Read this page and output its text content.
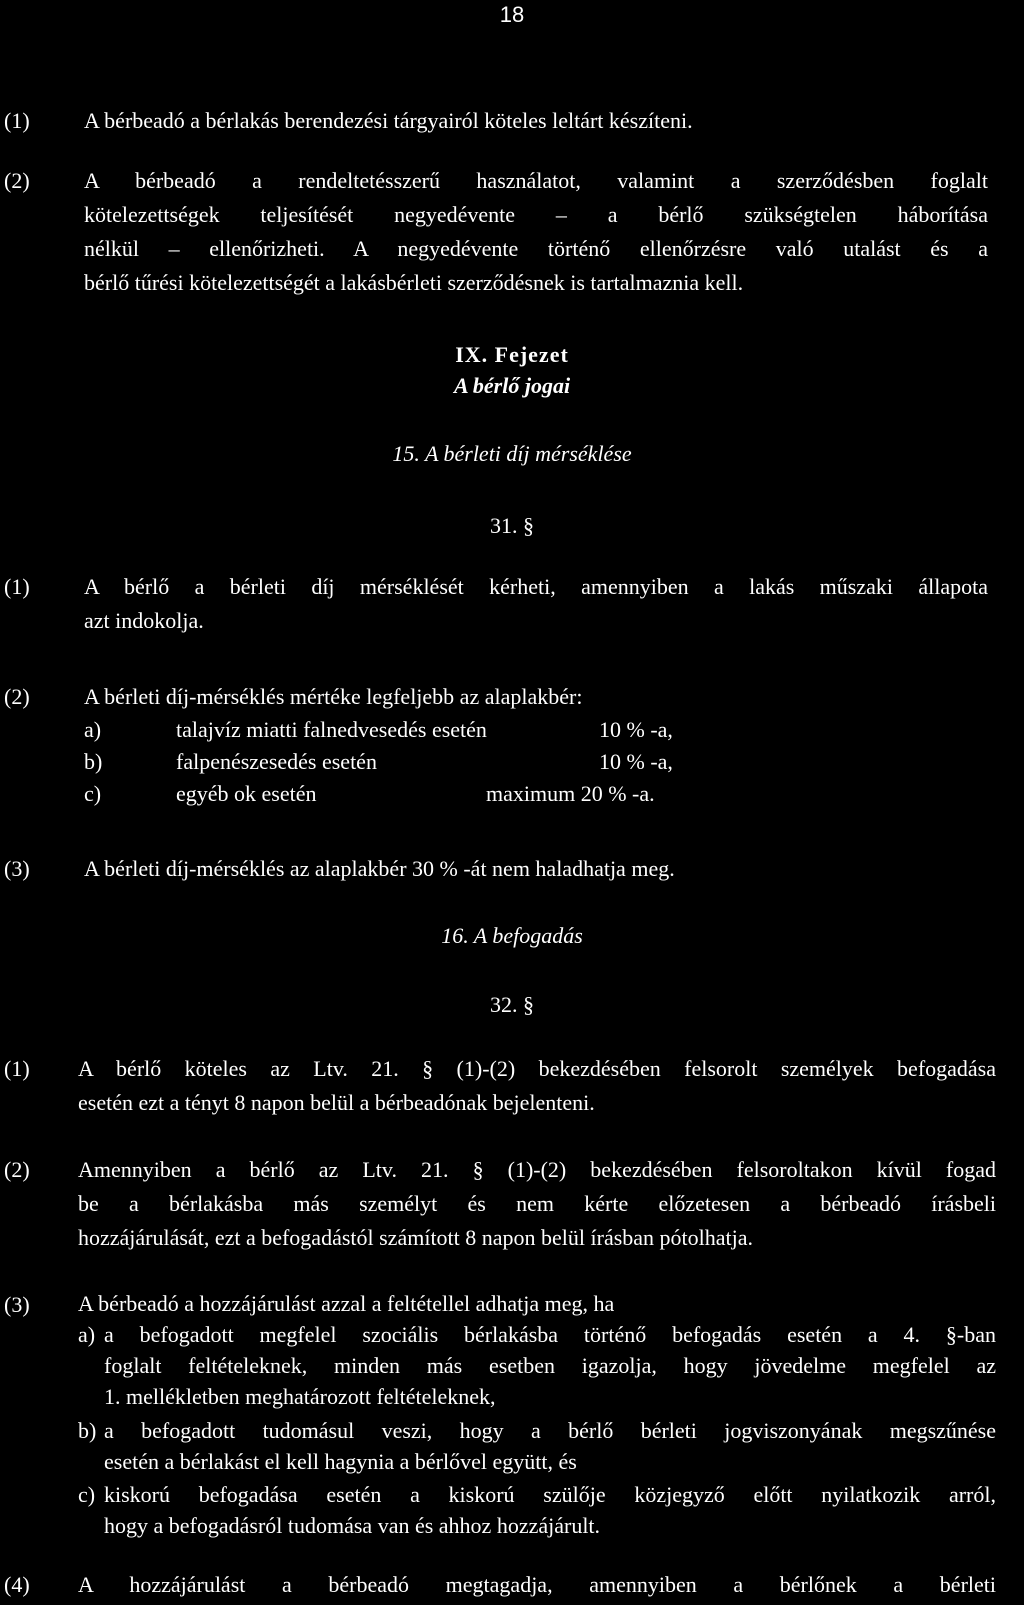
18
(1) A bérbeadó a bérlakás berendezési tárgyairól köteles leltárt készíteni.
(2) A bérbeadó a rendeltetésszerű használatot, valamint a szerződésben foglalt
kötelezettségek teljesítését negyedévente – a bérlő szükségtelen háborítása
nélkül – ellenőrizheti. A negyedévente történő ellenőrzésre való utalást és a
bérlő tűrési kötelezettségét a lakásbérleti szerződésnek is tartalmaznia kell.
IX. Fejezet
A bérlő jogai
15. A bérleti díj mérséklése
31. §
(1) A bérlő a bérleti díj mérséklését kérheti, amennyiben a lakás műszaki állapota
azt indokolja.
(2) A bérleti díj-mérséklés mértéke legfeljebb az alaplakbér:
a)	talajvíz miatti falnedvesedés esetén	10 % -a,
b)	falpenészesedés esetén	10 % -a,
c)	egyéb ok esetén	maximum 20 % -a.
(3) A bérleti díj-mérséklés az alaplakbér 30 % -át nem haladhatja meg.
16. A befogadás
32. §
(1) A bérlő köteles az Ltv. 21. § (1)-(2) bekezdésében felsorolt személyek befogadása
esetén ezt a tényt 8 napon belül a bérbeadónak bejelenteni.
(2) Amennyiben a bérlő az Ltv. 21. § (1)-(2) bekezdésében felsoroltakon kívül fogad
be a bérlakásba más személyt és nem kérte előzetesen a bérbeadó írásbeli
hozzájárulását, ezt a befogadástól számított 8 napon belül írásban pótolhatja.
(3) A bérbeadó a hozzájárulást azzal a feltétellel adhatja meg, ha
a) a befogadott megfelel szociális bérlakásba történő befogadás esetén a 4. §-ban
foglalt feltételeknek, minden más esetben igazolja, hogy jövedelme megfelel az
1. mellékletben meghatározott feltételeknek,
b) a befogadott tudomásul veszi, hogy a bérlő bérleti jogviszonyának megszűnése
esetén a bérlakást el kell hagynia a bérlővel együtt, és
c) kiskorú befogadása esetén a kiskorú szülője közjegyző előtt nyilatkozik arról,
hogy a befogadásról tudomása van és ahhoz hozzájárult.
(4) A hozzájárulást a bérbeadó megtagadja, amennyiben a bérlőnek a bérleti
